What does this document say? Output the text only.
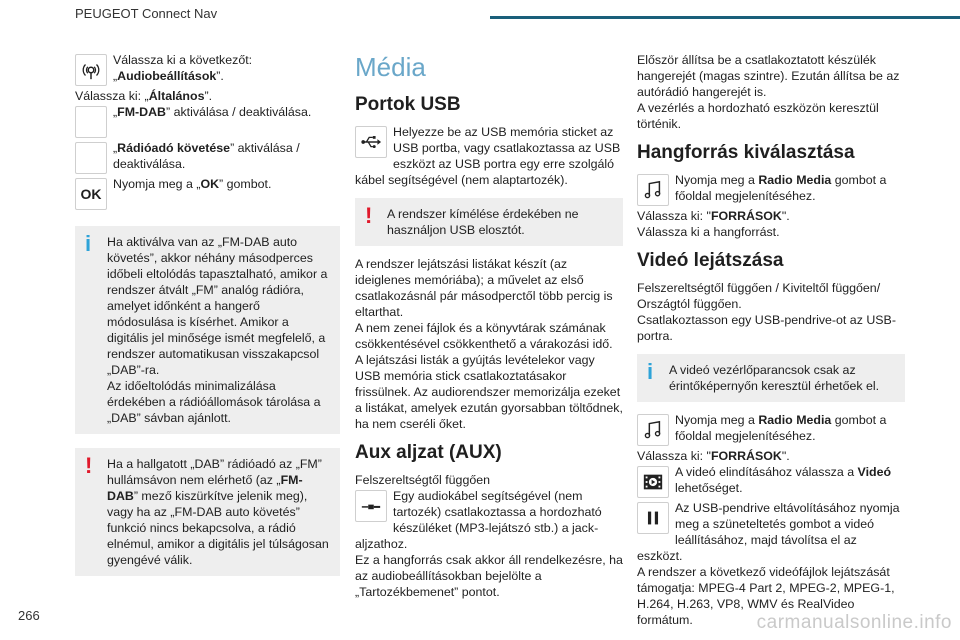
PEUGEOT Connect Nav

Válassza ki a következőt:
„Audiobeállítások”.

Válassza ki: „Általános”.

„FM-DAB” aktiválása / deaktiválása.

„Rádióadó követése” aktiválása / deaktiválása.

OK

Nyomja meg a „OK” gombot.

i Ha aktiválva van az „FM-DAB auto követés”, akkor néhány másodperces időbeli eltolódás tapasztalható, amikor a rendszer átvált „FM” analóg rádióra, amelyet időnként a hangerő módosulása is kísérhet. Amikor a digitális jel minősége ismét megfelelő, a rendszer automatikusan visszakapcsol „DAB”-ra.

Az időeltolódás minimalizálása érdekében a rádióállomások tárolása a „DAB” sávban ajánlott.

! Ha a hallgatott „DAB” rádióadó az „FM” hullámsávon nem elérhető (az „FM-DAB” mező kiszürkítve jelenik meg), vagy ha az „FM-DAB auto követés” funkció nincs bekapcsolva, a rádió elnémul, amikor a digitális jel túlságosan gyengévé válik.

Média
Portok USB

Helyezze be az USB memória sticket az USB portba, vagy csatlakoztassa az USB eszközt az USB portra egy erre szolgáló kábel segítségével (nem alaptartozék).

! A rendszer kímélése érdekében ne használjon USB elosztót.

A rendszer lejátszási listákat készít (az ideiglenes memóriába); a művelet az első csatlakozásnál pár másodperctől több percig is eltarthat.

A nem zenei fájlok és a könyvtárak számának csökkentésével csökkenthető a várakozási idő.

A lejátszási listák a gyújtás levételekor vagy USB memória stick csatlakoztatásakor frissülnek. Az audiorendszer memorizálja ezeket a listákat, amelyek ezután gyorsabban töltődnek, ha nem cseréli őket.

Aux aljzat (AUX)

Felszereltségtől függően

Egy audiokábel segítségével (nem tartozék) csatlakoztassa a hordozható készüléket (MP3-lejátszó stb.) a jack-aljzathoz.

Ez a hangforrás csak akkor áll rendelkezésre, ha az audiobeállításokban bejelölte a „Tartozékbemenet” pontot.

Először állítsa be a csatlakoztatott készülék hangerejét (magas szintre). Ezután állítsa be az autórádió hangerejét is.

A vezérlés a hordozható eszközön keresztül történik.

Hangforrás kiválasztása

Nyomja meg a Radio Media gombot a főoldal megjelenítéséhez.

Válassza ki: "FORRÁSOK".

Válassza ki a hangforrást.

Videó lejátszása

Felszereltségtől függően / Kiviteltől függően/ Országtól függően.

Csatlakoztasson egy USB-pendrive-ot az USB-portra.

i A videó vezérlőparancsok csak az érintőképernyőn keresztül érhetőek el.

Nyomja meg a Radio Media gombot a főoldal megjelenítéséhez.

Válassza ki: "FORRÁSOK".

A videó elindításához válassza a Videó lehetőséget.

Az USB-pendrive eltávolításához nyomja meg a szüneteltetés gombot a videó leállításához, majd távolítsa el az eszközt.

A rendszer a következő videófájlok lejátszását támogatja: MPEG-4 Part 2, MPEG-2, MPEG-1, H.264, H.263, VP8, WMV és RealVideo formátum.

266	carmanualsonline.info
